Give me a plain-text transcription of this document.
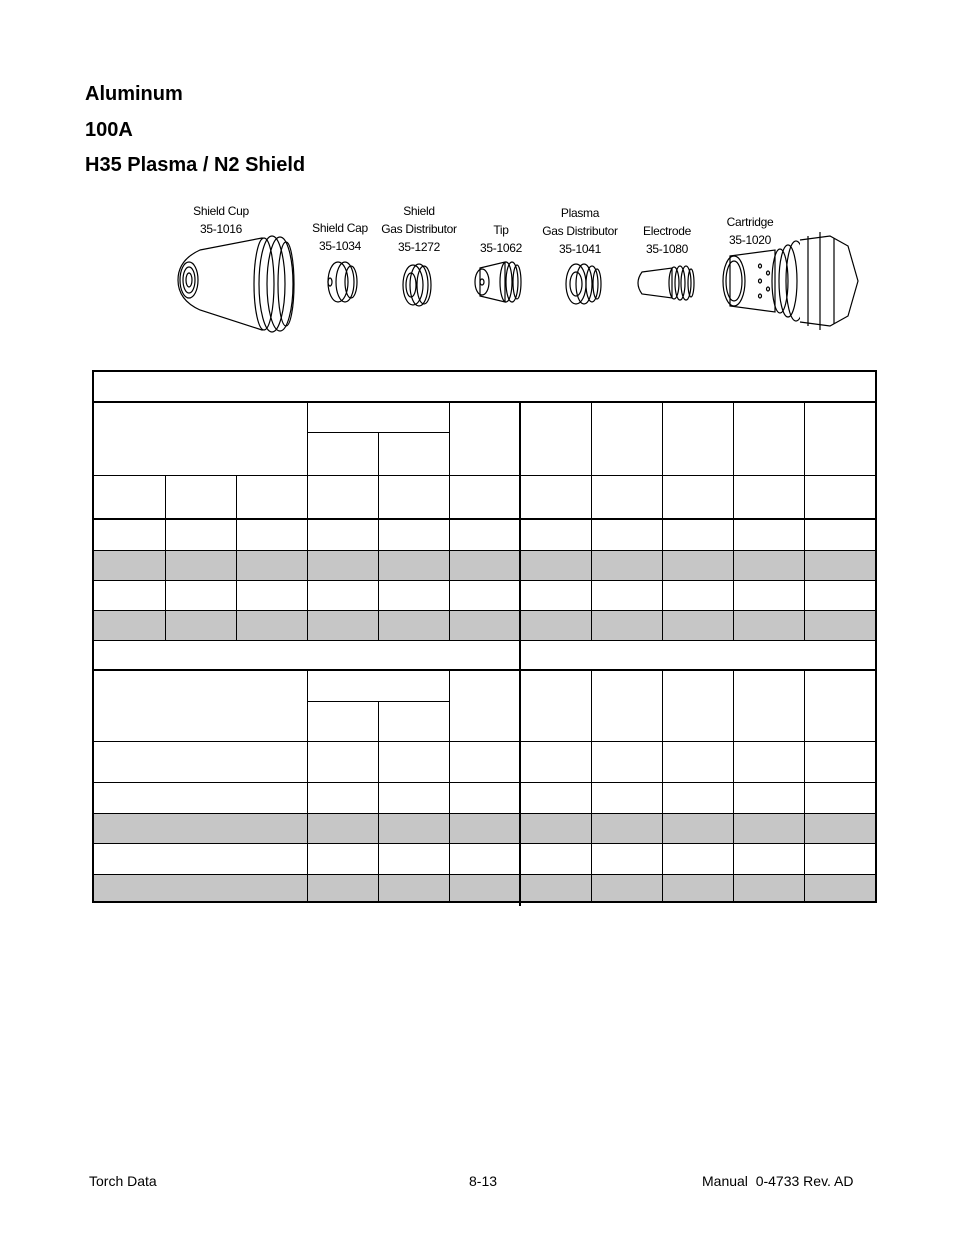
Aluminum
100A
H35 Plasma / N2 Shield
Shield Cup
35-1016	Shield Cap
35-1034
Shield
Gas Distributor
35-1272
Tip
35-1062
Plasma
Gas Distributor
35-1041
Electrode
35-1080
Cartridge
35-1020

Torch Data	8-13	Manual  0-4733 Rev. AD
